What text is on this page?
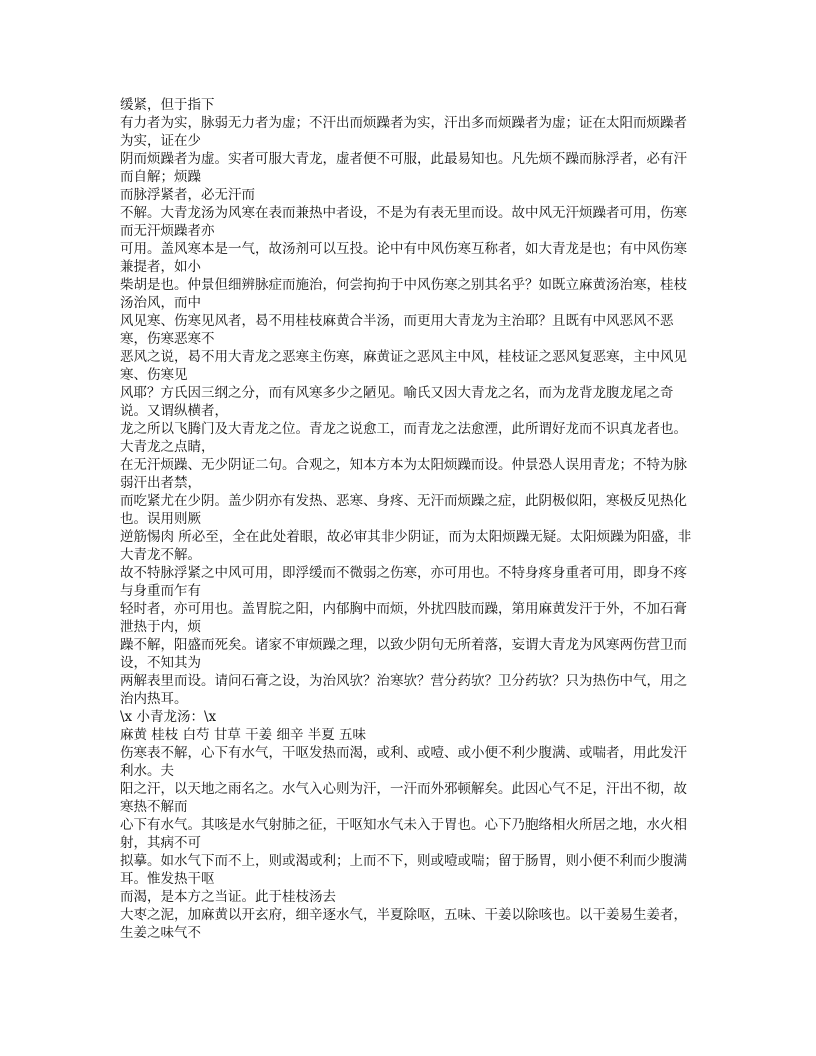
缓紧，但于指下

有力者为实，脉弱无力者为虚；不汗出而烦躁者为实，汗出多而烦躁者为虚；证在太阳而烦躁者为实，证在少

阴而烦躁者为虚。实者可服大青龙，虚者便不可服，此最易知也。凡先烦不躁而脉浮者，必有汗而自解；烦躁

而脉浮紧者，必无汗而

不解。大青龙汤为风寒在表而兼热中者设，不是为有表无里而设。故中风无汗烦躁者可用，伤寒而无汗烦躁者亦

可用。盖风寒本是一气，故汤剂可以互投。论中有中风伤寒互称者，如大青龙是也；有中风伤寒兼提者，如小

柴胡是也。仲景但细辨脉症而施治，何尝拘拘于中风伤寒之别其名乎？如既立麻黄汤治寒，桂枝汤治风，而中

风见寒、伤寒见风者，曷不用桂枝麻黄合半汤，而更用大青龙为主治耶？且既有中风恶风不恶寒，伤寒恶寒不

恶风之说，曷不用大青龙之恶寒主伤寒，麻黄证之恶风主中风，桂枝证之恶风复恶寒，主中风见寒、伤寒见

风耶？方氏因三纲之分，而有风寒多少之陋见。喻氏又因大青龙之名，而为龙背龙腹龙尾之奇说。又谓纵横者，

龙之所以飞腾门及大青龙之位。青龙之说愈工，而青龙之法愈湮，此所谓好龙而不识真龙者也。大青龙之点睛，

在无汗烦躁、无少阴证二句。合观之，知本方本为太阳烦躁而设。仲景恐人误用青龙；不特为脉弱汗出者禁，

而吃紧尤在少阴。盖少阴亦有发热、恶寒、身疼、无汗而烦躁之症，此阴极似阳，寒极反见热化也。误用则厥

逆筋惕肉 所必至，全在此处着眼，故必审其非少阴证，而为太阳烦躁无疑。太阳烦躁为阳盛，非大青龙不解。

故不特脉浮紧之中风可用，即浮缓而不微弱之伤寒，亦可用也。不特身疼身重者可用，即身不疼与身重而乍有

轻时者，亦可用也。盖胃脘之阳，内郁胸中而烦，外扰四肢而躁，第用麻黄发汗于外，不加石膏泄热于内，烦

躁不解，阳盛而死矣。诸家不审烦躁之理，以致少阴句无所着落，妄谓大青龙为风寒两伤营卫而设，不知其为

两解表里而设。请问石膏之设，为治风欤？治寒欤？营分药欤？卫分药欤？只为热伤中气，用之治内热耳。

\x 小青龙汤：\x

麻黄 桂枝 白芍 甘草 干姜 细辛 半夏 五味

伤寒表不解，心下有水气，干呕发热而渴，或利、或噎、或小便不利少腹满、或喘者，用此发汗利水。夫

阳之汗，以天地之雨名之。水气入心则为汗，一汗而外邪顿解矣。此因心气不足，汗出不彻，故寒热不解而

心下有水气。其咳是水气射肺之征，干呕知水气未入于胃也。心下乃胞络相火所居之地，水火相射，其病不可

拟摹。如水气下而不上，则或渴或利；上而不下，则或噎或喘；留于肠胃，则小便不利而少腹满耳。惟发热干呕

而渴，是本方之当证。此于桂枝汤去

大枣之泥，加麻黄以开玄府，细辛逐水气，半夏除呕，五味、干姜以除咳也。以干姜易生姜者，生姜之味气不
